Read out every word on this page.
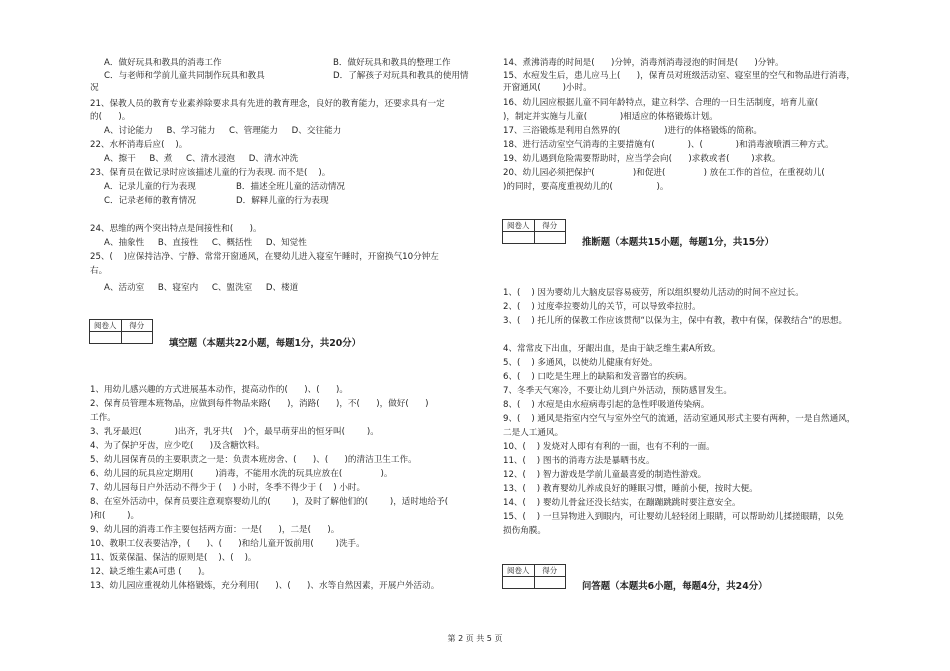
A．做好玩具和教具的消毒工作	B．做好玩具和教具的整理工作
C．与老师和学前儿童共同制作玩具和教具	D．了解孩子对玩具和教具的使用情
况
21、保教人员的教育专业素养除要求具有先进的教育理念，良好的教育能力，还要求具有一定
的(      )。
A、讨论能力     B、学习能力     C、管理能力     D、交往能力
22、水杯消毒后应(    )。
A、擦干     B、煮     C、清水浸泡     D、清水冲洗
23、保育员在做记录时应该描述儿童的行为表现. 而不是(    )。
A．记录儿童的行为表现	B．描述全班儿童的活动情况
C．记录老师的教育情况	D．解释儿童的行为表现
24、思维的两个突出特点是间接性和(      )。
A、抽象性     B、直接性     C、概括性     D、知觉性
25、(    )应保持洁净、宁静、常常开窗通风，在婴幼儿进入寝室午睡时，开窗换气10分钟左
右。
A、活动室     B、寝室内     C、盥洗室     D、楼道
1、用幼儿感兴趣的方式进展基本动作，提高动作的(      )、(      )。
2、保育员管理本班物品，应做到每件物品来路(      )，消路(      )，不(      )，做好(      )
工作。
3、乳牙最迟(            )出齐，乳牙共(    )个，最早萌芽出的恒牙叫(        )。
4、为了保护牙齿，应少吃(      )及含糖饮料。
5、幼儿园保育员的主要职责之一是：负责本班房舍、(      )、(      )的清洁卫生工作。
6、幼儿园的玩具应定期用(        )消毒，不能用水洗的玩具应放在(              )。
7、幼儿园每日户外活动不得少于 (    ) 小时，冬季不得少于 (    ) 小时。
8、在室外活动中，保育员要注意观察婴幼儿的(        )，及时了解他们的(        )，适时地给予(
)和(        )。
9、幼儿园的消毒工作主要包括两方面：一是(      )，二是(      )。
10、教职工仪表要洁净，(      )、(      )和给儿童开饭前用(        )洗手。
11、饭菜保温、保洁的原则是(    )、(    )。
12、缺乏维生素A可患 (      )。
13、幼儿园应重视幼儿体格锻炼，充分利用(      )、(      )、水等自然因素，开展户外活动。
14、煮沸消毒的时间是(      )分钟，消毒剂消毒浸泡的时间是(      )分钟。
15、水痘发生后，患儿应马上(      )，保育员对班级活动室、寝室里的空气和物品进行消毒，
开窗通风(        )小时。
16、幼儿园应根据儿童不同年龄特点，建立科学、合理的一日生活制度，培育儿童(
)，制定并实施与儿童(            )相适应的体格锻炼计划。
17、三浴锻炼是利用自然界的(                )进行的体格锻炼的简称。
18、进行活动室空气消毒的主要措施有(            )、(            )和消毒液喷洒三种方式。
19、幼儿遇到危险需要帮助时，应当学会向(      )求救或者(        )求救。
20、幼儿园必须把保护(              )和促进(              ) 放在工作的首位，在重视幼儿(
)的同时，要高度重视幼儿的(                )。
1、(    ) 因为婴幼儿大脑皮层容易疲劳，所以组织婴幼儿活动的时间不应过长。
2、(    ) 过度牵拉婴幼儿的关节，可以导致牵拉肘。
3、(    ) 托儿所的保教工作应该贯彻“以保为主，保中有教，教中有保，保教结合”的思想。
4、常常皮下出血，牙龈出血，是由于缺乏维生素A所致。
5、(    ) 多通风，以使幼儿健康有好处。
6、(    ) 口吃是生理上的缺陷和发音器官的疾病。
7、冬季天气寒冷，不要让幼儿到户外活动，预防感冒发生。
8、(    ) 水痘是由水痘病毒引起的急性呼吸道传染病。
9、(    ) 通风是指室内空气与室外空气的流通，活动室通风形式主要有两种，一是自然通风，
二是人工通风。
10、(    ) 发烧对人即有有利的一面，也有不利的一面。
11、(    ) 图书的消毒方法是暴晒书皮。
12、(    ) 智力游戏是学前儿童最喜爱的制造性游戏。
13、(    ) 教育婴幼儿养成良好的睡眠习惯，睡前小便，按时大便。
14、(    ) 婴幼儿骨盆还没长结实，在蹦蹦跳跳时要注意安全。
15、(    ) 一旦异物进入到眼内，可让婴幼儿轻轻闭上眼睛，可以帮助幼儿揉搓眼睛，以免
损伤角膜。
阅卷人	得分
填空题（本题共22小题，每题1分，共20分）
阅卷人	得分
推断题（本题共15小题，每题1分，共15分）
阅卷人	得分
问答题（本题共6小题，每题4分，共24分）
第 2 页 共 5 页
